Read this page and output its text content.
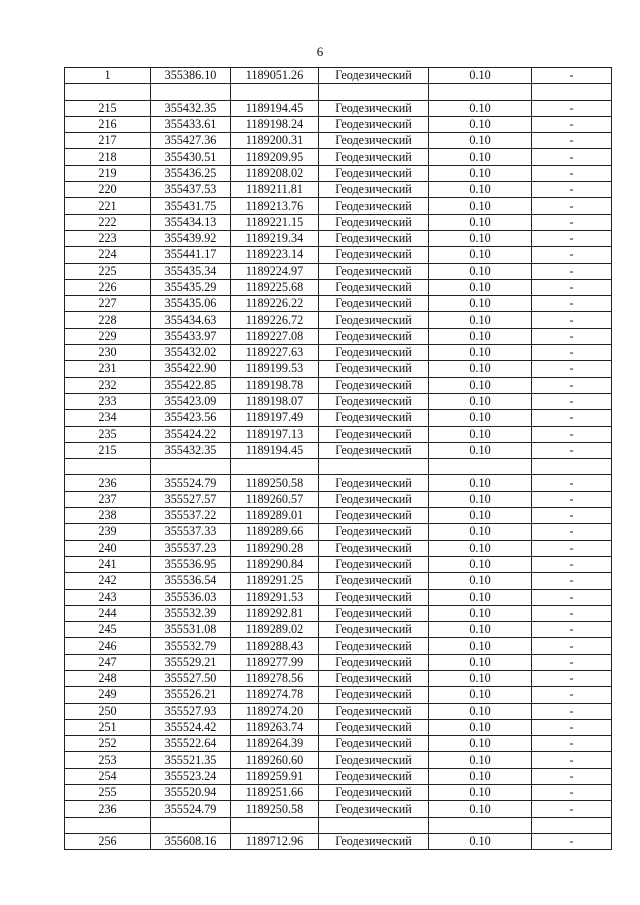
6
1	355386.10	1189051.26	Геодезический	0.10	-

215	355432.35	1189194.45	Геодезический	0.10	-
216	355433.61	1189198.24	Геодезический	0.10	-
217	355427.36	1189200.31	Геодезический	0.10	-
218	355430.51	1189209.95	Геодезический	0.10	-
219	355436.25	1189208.02	Геодезический	0.10	-
220	355437.53	1189211.81	Геодезический	0.10	-
221	355431.75	1189213.76	Геодезический	0.10	-
222	355434.13	1189221.15	Геодезический	0.10	-
223	355439.92	1189219.34	Геодезический	0.10	-
224	355441.17	1189223.14	Геодезический	0.10	-
225	355435.34	1189224.97	Геодезический	0.10	-
226	355435.29	1189225.68	Геодезический	0.10	-
227	355435.06	1189226.22	Геодезический	0.10	-
228	355434.63	1189226.72	Геодезический	0.10	-
229	355433.97	1189227.08	Геодезический	0.10	-
230	355432.02	1189227.63	Геодезический	0.10	-
231	355422.90	1189199.53	Геодезический	0.10	-
232	355422.85	1189198.78	Геодезический	0.10	-
233	355423.09	1189198.07	Геодезический	0.10	-
234	355423.56	1189197.49	Геодезический	0.10	-
235	355424.22	1189197.13	Геодезический	0.10	-
215	355432.35	1189194.45	Геодезический	0.10	-

236	355524.79	1189250.58	Геодезический	0.10	-
237	355527.57	1189260.57	Геодезический	0.10	-
238	355537.22	1189289.01	Геодезический	0.10	-
239	355537.33	1189289.66	Геодезический	0.10	-
240	355537.23	1189290.28	Геодезический	0.10	-
241	355536.95	1189290.84	Геодезический	0.10	-
242	355536.54	1189291.25	Геодезический	0.10	-
243	355536.03	1189291.53	Геодезический	0.10	-
244	355532.39	1189292.81	Геодезический	0.10	-
245	355531.08	1189289.02	Геодезический	0.10	-
246	355532.79	1189288.43	Геодезический	0.10	-
247	355529.21	1189277.99	Геодезический	0.10	-
248	355527.50	1189278.56	Геодезический	0.10	-
249	355526.21	1189274.78	Геодезический	0.10	-
250	355527.93	1189274.20	Геодезический	0.10	-
251	355524.42	1189263.74	Геодезический	0.10	-
252	355522.64	1189264.39	Геодезический	0.10	-
253	355521.35	1189260.60	Геодезический	0.10	-
254	355523.24	1189259.91	Геодезический	0.10	-
255	355520.94	1189251.66	Геодезический	0.10	-
236	355524.79	1189250.58	Геодезический	0.10	-

256	355608.16	1189712.96	Геодезический	0.10	-
